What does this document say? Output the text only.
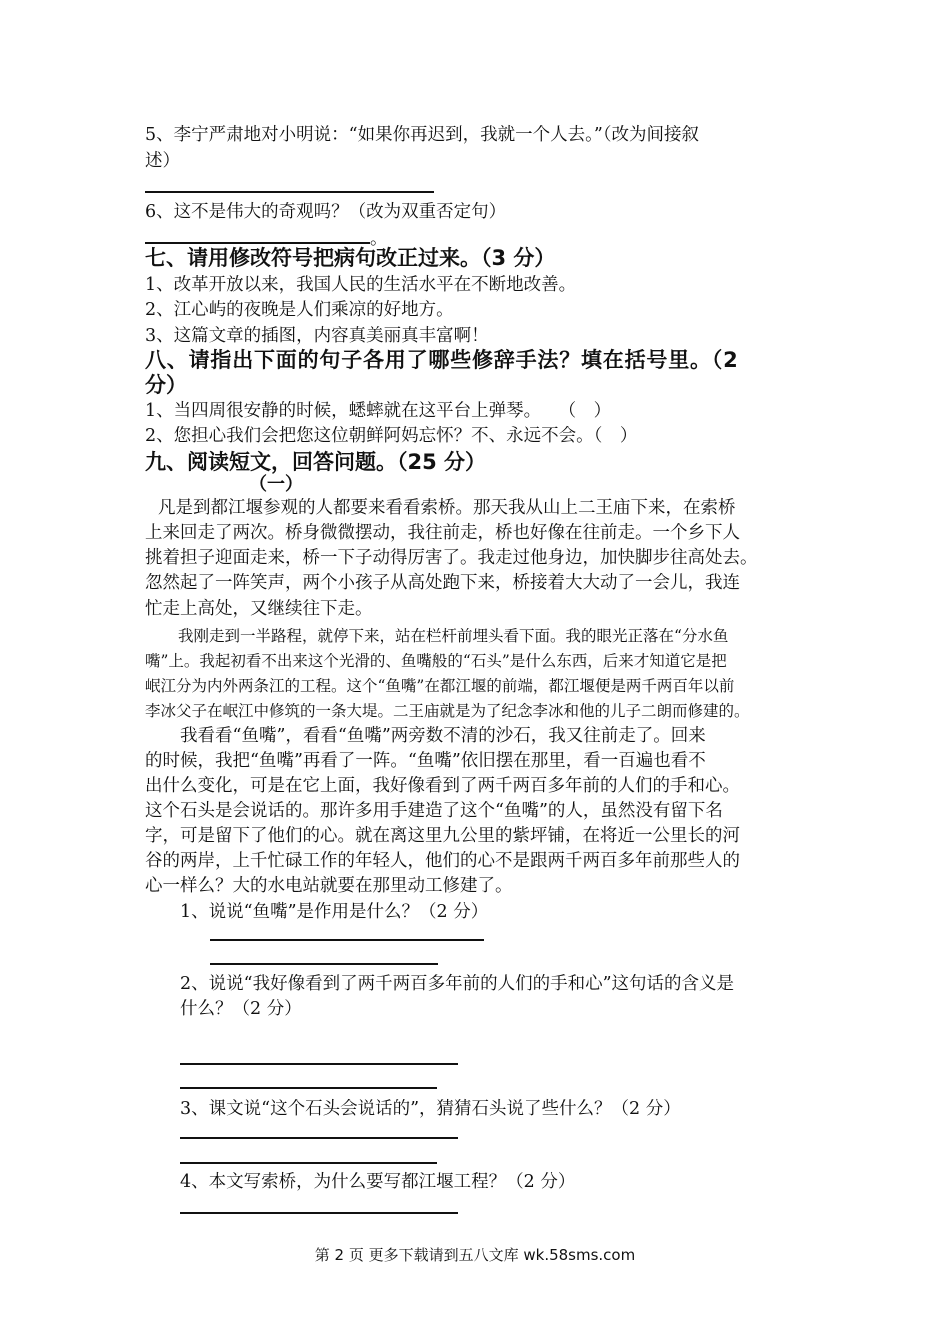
5、李宁严肃地对小明说：“如果你再迟到，我就一个人去。”（改为间接叙
述）
6、这不是伟大的奇观吗？（改为双重否定句）
。
七、请用修改符号把病句改正过来。（3 分）
1、改革开放以来，我国人民的生活水平在不断地改善。
2、江心屿的夜晚是人们乘凉的好地方。
3、这篇文章的插图，内容真美丽真丰富啊！
八、请指出下面的句子各用了哪些修辞手法？填在括号里。（2
分）
1、当四周很安静的时候，蟋蟀就在这平台上弹琴。　　（　）
2、您担心我们会把您这位朝鲜阿妈忘怀？不、永远不会。（　）
九、阅读短文，回答问题。（25 分）
（一）
凡是到都江堰参观的人都要来看看索桥。那天我从山上二王庙下来，在索桥
上来回走了两次。桥身微微摆动，我往前走，桥也好像在往前走。一个乡下人
挑着担子迎面走来，桥一下子动得厉害了。我走过他身边，加快脚步往高处去。
忽然起了一阵笑声，两个小孩子从高处跑下来，桥接着大大动了一会儿，我连
忙走上高处，又继续往下走。
我刚走到一半路程，就停下来，站在栏杆前埋头看下面。我的眼光正落在“分水鱼
嘴”上。我起初看不出来这个光滑的、鱼嘴般的“石头”是什么东西，后来才知道它是把
岷江分为内外两条江的工程。这个“鱼嘴”在都江堰的前端，都江堰便是两千两百年以前
李冰父子在岷江中修筑的一条大堤。二王庙就是为了纪念李冰和他的儿子二朗而修建的。
我看看“鱼嘴”，看看“鱼嘴”两旁数不清的沙石，我又往前走了。回来
的时候，我把“鱼嘴”再看了一阵。“鱼嘴”依旧摆在那里，看一百遍也看不
出什么变化，可是在它上面，我好像看到了两千两百多年前的人们的手和心。
这个石头是会说话的。那许多用手建造了这个“鱼嘴”的人，虽然没有留下名
字，可是留下了他们的心。就在离这里九公里的紫坪铺，在将近一公里长的河
谷的两岸，上千忙碌工作的年轻人，他们的心不是跟两千两百多年前那些人的
心一样么？大的水电站就要在那里动工修建了。
1、说说“鱼嘴”是作用是什么？（2 分）
2、说说“我好像看到了两千两百多年前的人们的手和心”这句话的含义是
什么？（2 分）
3、课文说“这个石头会说话的”，猜猜石头说了些什么？（2 分）
4、本文写索桥，为什么要写都江堰工程？（2 分）
第 2 页 更多下载请到五八文库 wk.58sms.com
